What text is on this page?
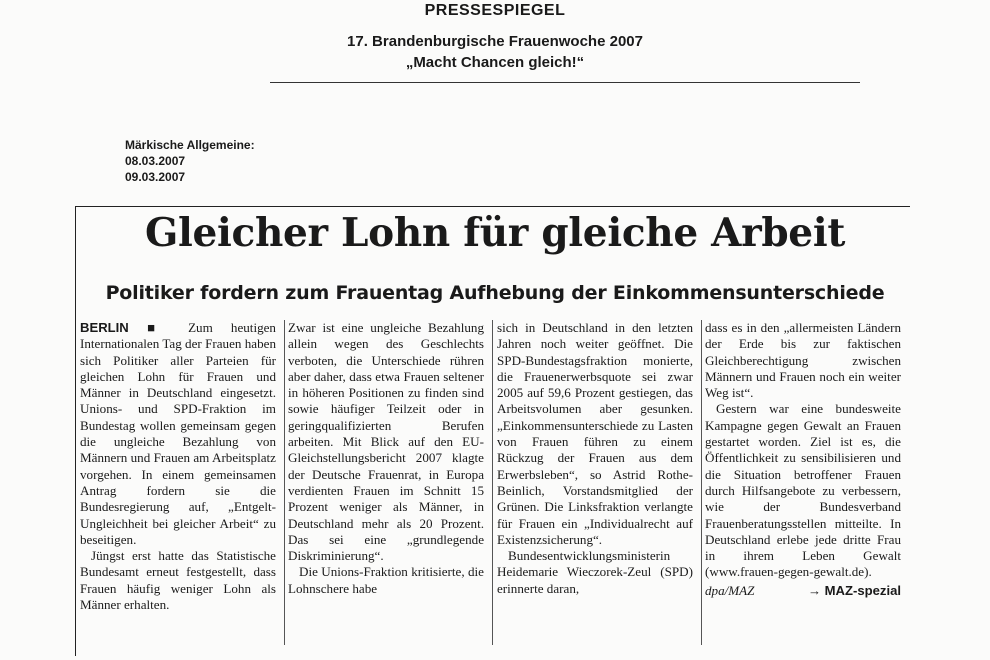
PRESSESPIEGEL
17. Brandenburgische Frauenwoche 2007
„Macht Chancen gleich!“
Märkische Allgemeine:
08.03.2007
09.03.2007
Gleicher Lohn für gleiche Arbeit
Politiker fordern zum Frauentag Aufhebung der Einkommensunterschiede

BERLIN ■ Zum heutigen Internationalen Tag der Frauen haben sich Politiker aller Parteien für gleichen Lohn für Frauen und Männer in Deutschland eingesetzt. Unions- und SPD-Fraktion im Bundestag wollen gemeinsam gegen die ungleiche Bezahlung von Männern und Frauen am Arbeitsplatz vorgehen. In einem gemeinsamen Antrag fordern sie die Bundesregierung auf, „Entgelt-Ungleichheit bei gleicher Arbeit“ zu beseitigen.

Jüngst erst hatte das Statistische Bundesamt erneut festgestellt, dass Frauen häufig weniger Lohn als Männer erhalten.

Zwar ist eine ungleiche Bezahlung allein wegen des Geschlechts verboten, die Unterschiede rühren aber daher, dass etwa Frauen seltener in höheren Positionen zu finden sind sowie häufiger Teilzeit oder in geringqualifizierten Berufen arbeiten. Mit Blick auf den EU-Gleichstellungsbericht 2007 klagte der Deutsche Frauenrat, in Europa verdienten Frauen im Schnitt 15 Prozent weniger als Männer, in Deutschland mehr als 20 Prozent. Das sei eine „grundlegende Diskriminierung“.

Die Unions-Fraktion kritisierte, die Lohnschere habe

sich in Deutschland in den letzten Jahren noch weiter geöffnet. Die SPD-Bundestagsfraktion monierte, die Frauenerwerbsquote sei zwar 2005 auf 59,6 Prozent gestiegen, das Arbeitsvolumen aber gesunken. „Einkommensunterschiede zu Lasten von Frauen führen zu einem Rückzug der Frauen aus dem Erwerbsleben“, so Astrid Rothe-Beinlich, Vorstandsmitglied der Grünen. Die Linksfraktion verlangte für Frauen ein „Individualrecht auf Existenzsicherung“.

Bundesentwicklungsministerin Heidemarie Wieczorek-Zeul (SPD) erinnerte daran,

dass es in den „allermeisten Ländern der Erde bis zur faktischen Gleichberechtigung zwischen Männern und Frauen noch ein weiter Weg ist“.

Gestern war eine bundesweite Kampagne gegen Gewalt an Frauen gestartet worden. Ziel ist es, die Öffentlichkeit zu sensibilisieren und die Situation betroffener Frauen durch Hilfsangebote zu verbessern, wie der Bundesverband Frauenberatungsstellen mitteilte. In Deutschland erlebe jede dritte Frau in ihrem Leben Gewalt (www.frauen-gegen-gewalt.de).

dpa/MAZ	→ MAZ-spezial
